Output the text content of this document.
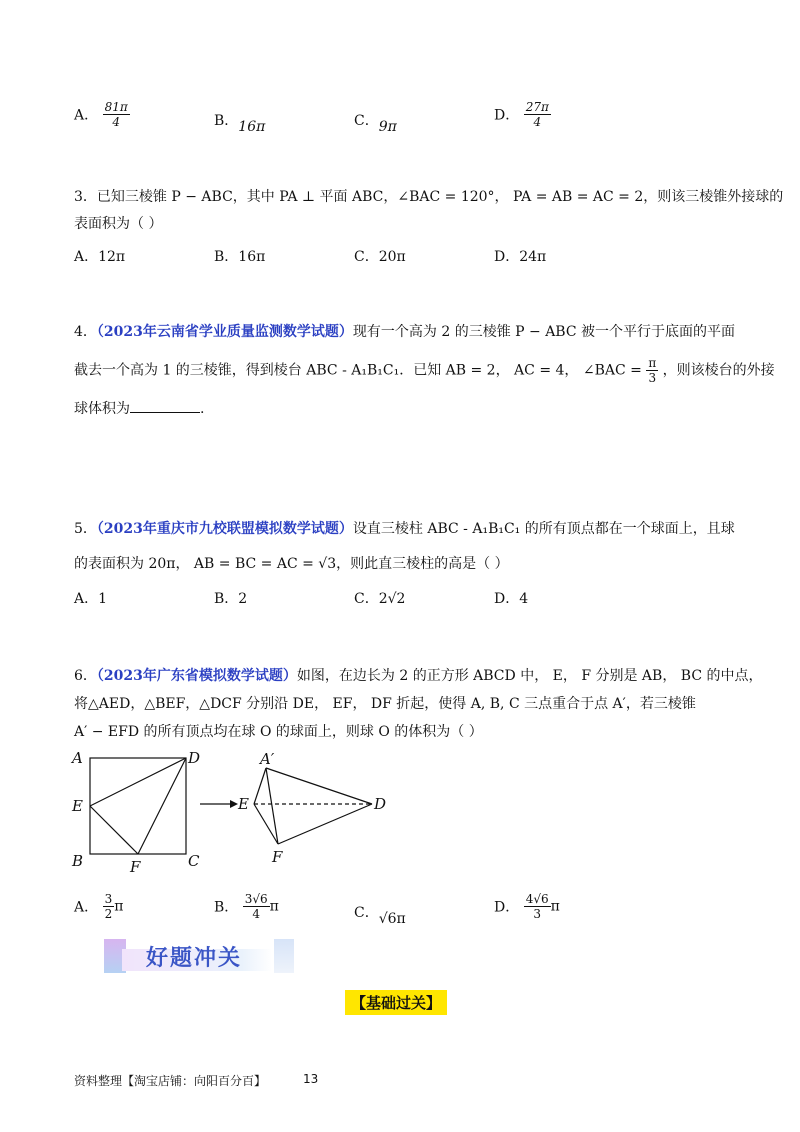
A． $\frac{81\pi}{4}$	B．16π	C．9π
D． $\frac{27\pi}{4}$
3．已知三棱锥 P − ABC，其中 PA ⊥ 平面 ABC，∠BAC = 120°， PA = AB = AC = 2，则该三棱锥外接球的
表面积为（ ）
A．12π	B．16π	C．20π	D．24π
4．（2023年云南省学业质量监测数学试题）现有一个高为 2 的三棱锥 P − ABC 被一个平行于底面的平面
截去一个高为 1 的三棱锥，得到棱台 ABC - A₁B₁C₁．已知 AB = 2， AC = 4， ∠BAC = $\frac{\pi}{3}$ ，则该棱台的外接
球体积为	.
5．（2023年重庆市九校联盟模拟数学试题）设直三棱柱 ABC - A₁B₁C₁ 的所有顶点都在一个球面上，且球
的表面积为 20π， AB = BC = AC = √3，则此直三棱柱的高是（ ）
A．1	B．2	C．2√2	D．4
6．（2023年广东省模拟数学试题）如图，在边长为 2 的正方形 ABCD 中， E， F 分别是 AB， BC 的中点，
将△AED，△BEF，△DCF 分别沿 DE， EF， DF 折起，使得 A, B, C 三点重合于点 A′，若三棱锥
A′ − EFD 的所有顶点均在球 O 的球面上，则球 O 的体积为（ ）
A	D
E
B	F	C
A′
E	D
F
A． $\frac{3}{2}$ π	B． $\frac{3√6}{4}$ π	C．√6π
D． $\frac{4√6}{3}$ π
好题冲关
【基础过关】
资料整理【淘宝店铺：向阳百分百】	13
